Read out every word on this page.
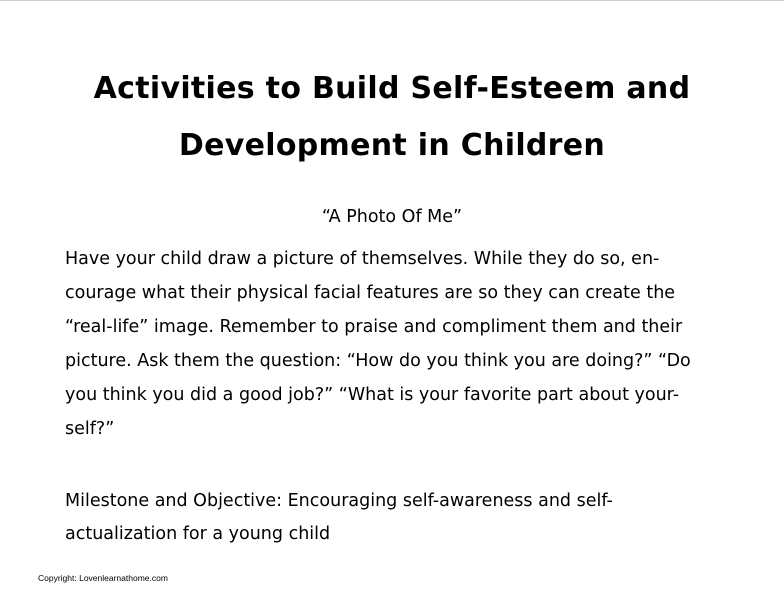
Activities to Build Self-Esteem and
Development in Children
“A Photo Of Me”
Have your child draw a picture of themselves. While they do so, en-
courage what their physical facial features are so they can create the
“real-life” image. Remember to praise and compliment them and their
picture. Ask them the question: “How do you think you are doing?” “Do
you think you did a good job?” “What is your favorite part about your-
self?”
Milestone and Objective: Encouraging self-awareness and self-
actualization for a young child
Copyright: Lovenlearnathome.com
